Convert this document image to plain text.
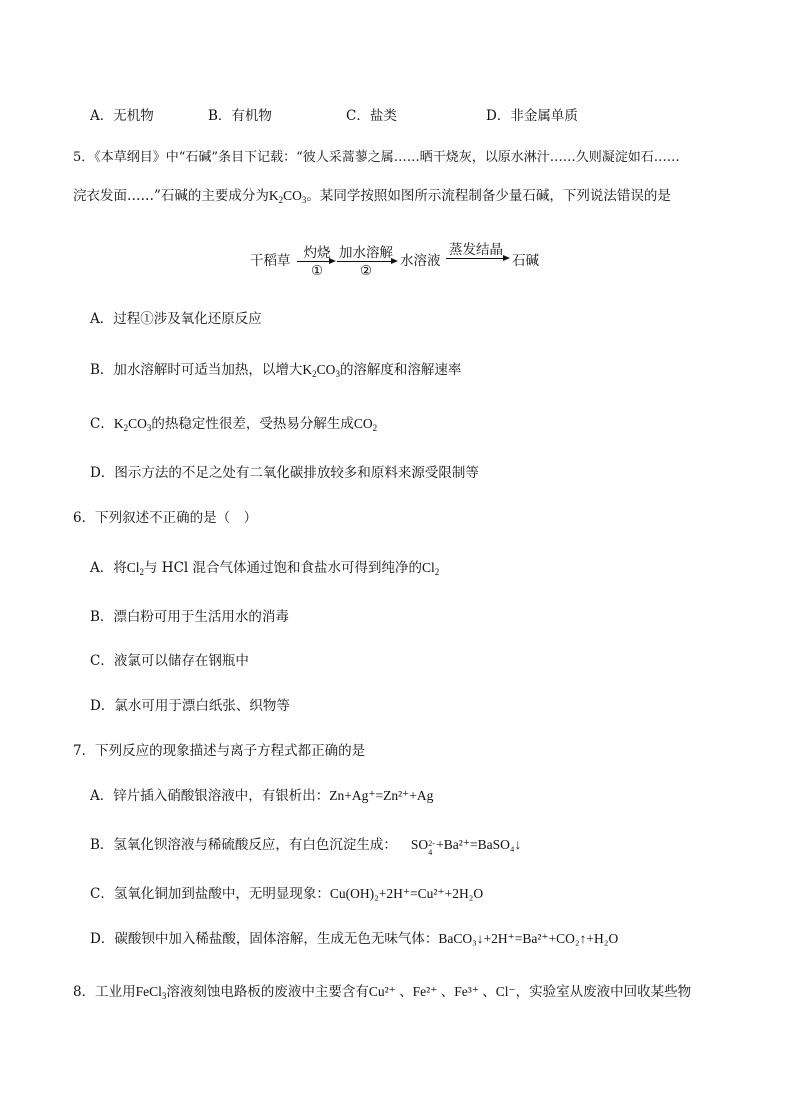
A．无机物	B．有机物	C．盐类	D．非金属单质
5．《本草纲目》中“石碱”条目下记载：“彼人采蒿蓼之属……晒干烧灰，以原水淋汁……久则凝淀如石……
浣衣发面……”石碱的主要成分为$K_2CO_3$。某同学按照如图所示流程制备少量石碱，下列说法错误的是
干稻草 灼烧
①
加水溶解
②
水溶液
蒸发结晶
石碱
A．过程①涉及氧化还原反应
B．加水溶解时可适当加热，以增大$K_2CO_3$的溶解度和溶解速率
C．$K_2CO_3$的热稳定性很差，受热易分解生成$CO_2$
D．图示方法的不足之处有二氧化碳排放较多和原料来源受限制等
6．下列叙述不正确的是（　）
A．将$Cl_2$与 HCl 混合气体通过饱和食盐水可得到纯净的$Cl_2$
B．漂白粉可用于生活用水的消毒
C．液氯可以储存在钢瓶中
D．氯水可用于漂白纸张、织物等
7．下列反应的现象描述与离子方程式都正确的是
A．锌片插入硝酸银溶液中，有银析出：Zn+Ag⁺=Zn²⁺+Ag
B．氢氧化钡溶液与稀硫酸反应，有白色沉淀生成： SO 2-
4
+Ba²⁺=BaSO₄↓
C．氢氧化铜加到盐酸中，无明显现象：Cu(OH)₂+2H⁺=Cu²⁺+2H₂O
D．碳酸钡中加入稀盐酸，固体溶解，生成无色无味气体：BaCO₃↓+2H⁺=Ba²⁺+CO₂↑+H₂O
8．工业用FeCl$_3$溶液刻蚀电路板的废液中主要含有Cu²⁺ 、Fe²⁺ 、Fe³⁺ 、Cl⁻，实验室从废液中回收某些物
